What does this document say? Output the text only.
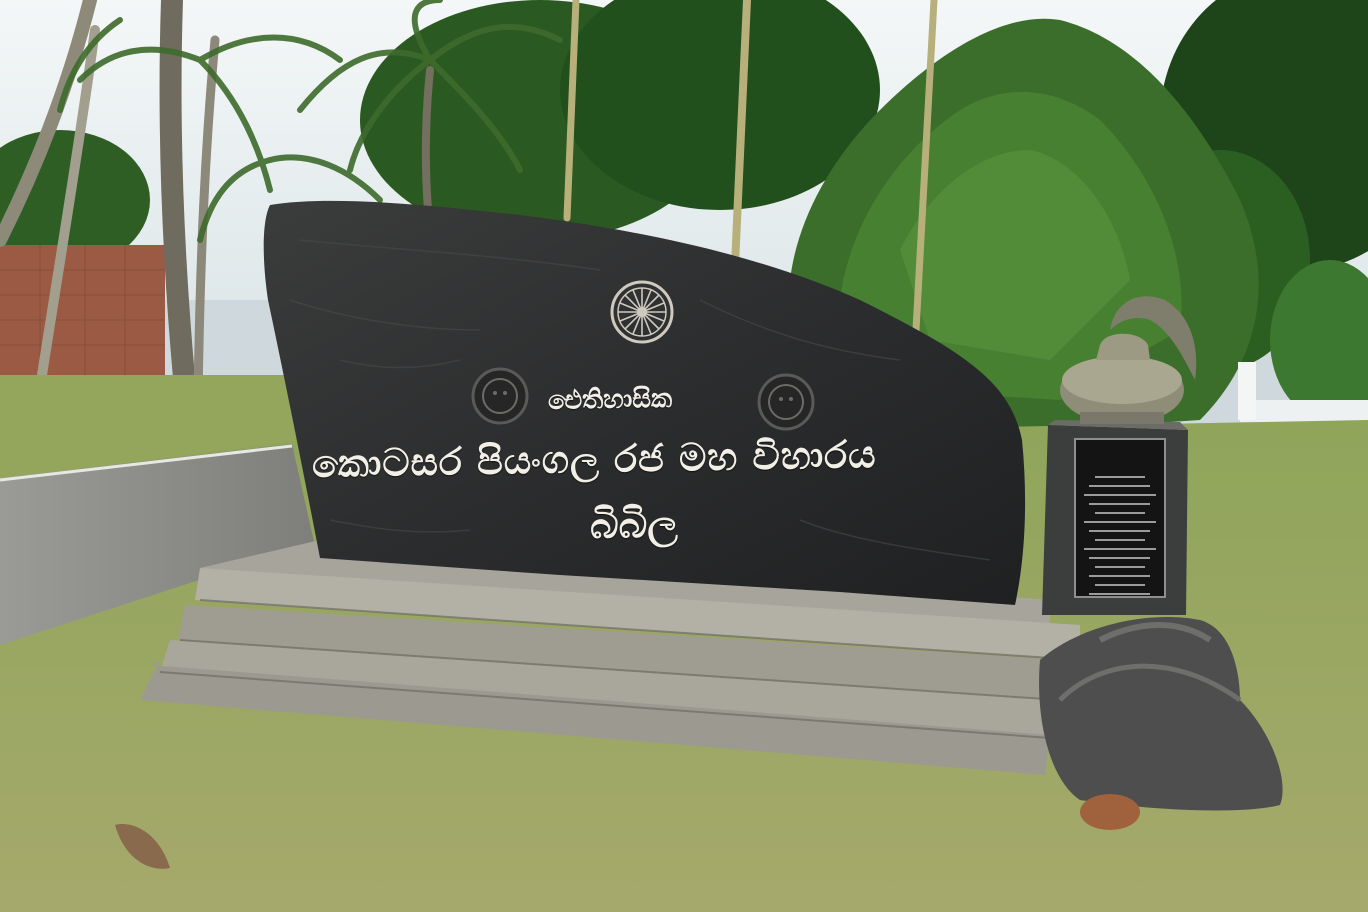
ඓතිහාසික
කොටසර පියංගල රජ මහ විහාරය
බිබිල
